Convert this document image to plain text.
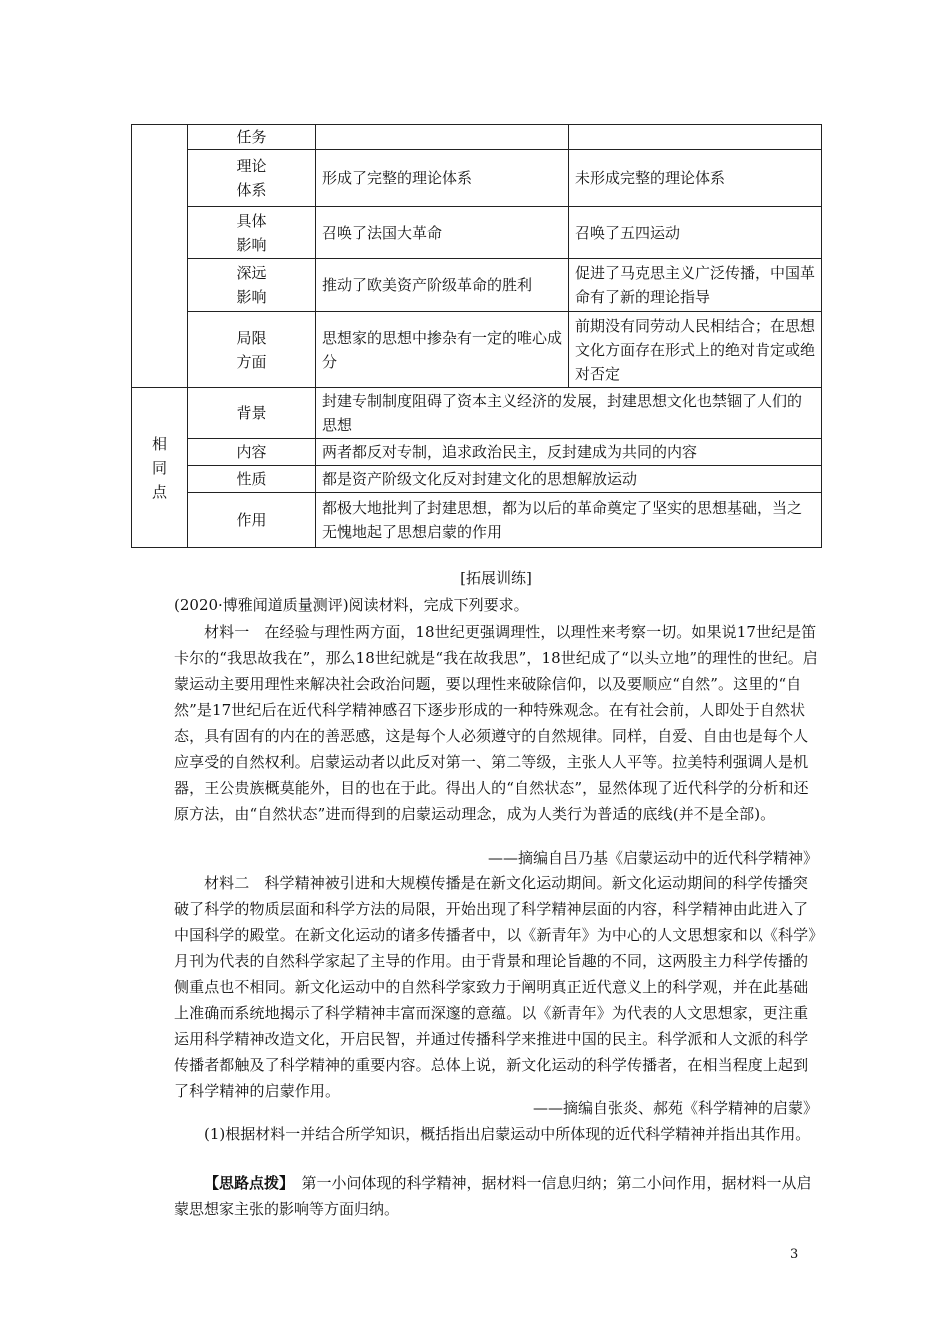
	任务		
	理论体系	形成了完整的理论体系	未形成完整的理论体系
	具体影响	召唤了法国大革命	召唤了五四运动
	深远影响	推动了欧美资产阶级革命的胜利	促进了马克思主义广泛传播，中国革命有了新的理论指导
	局限方面	思想家的思想中掺杂有一定的唯心成分	前期没有同劳动人民相结合；在思想文化方面存在形式上的绝对肯定或绝对否定

相同点	背景	封建专制制度阻碍了资本主义经济的发展，封建思想文化也禁锢了人们的思想	
	内容	两者都反对专制，追求政治民主，反封建成为共同的内容	
	性质	都是资产阶级文化反对封建文化的思想解放运动	
	作用	都极大地批判了封建思想，都为以后的革命奠定了坚实的思想基础，当之无愧地起了思想启蒙的作用	

[拓展训练]

(2020·博雅闻道质量测评)阅读材料，完成下列要求。

材料一　在经验与理性两方面，18世纪更强调理性，以理性来考察一切。如果说17世纪是笛卡尔的“我思故我在”，那么18世纪就是“我在故我思”，18世纪成了“以头立地”的理性的世纪。启蒙运动主要用理性来解决社会政治问题，要以理性来破除信仰，以及要顺应“自然”。这里的“自然”是17世纪后在近代科学精神感召下逐步形成的一种特殊观念。在有社会前，人即处于自然状态，具有固有的内在的善恶感，这是每个人必须遵守的自然规律。同样，自爱、自由也是每个人应享受的自然权利。启蒙运动者以此反对第一、第二等级，主张人人平等。拉美特利强调人是机器，王公贵族概莫能外，目的也在于此。得出人的“自然状态”，显然体现了近代科学的分析和还原方法，由“自然状态”进而得到的启蒙运动理念，成为人类行为普适的底线(并不是全部)。

——摘编自吕乃基《启蒙运动中的近代科学精神》

材料二　科学精神被引进和大规模传播是在新文化运动期间。新文化运动期间的科学传播突破了科学的物质层面和科学方法的局限，开始出现了科学精神层面的内容，科学精神由此进入了中国科学的殿堂。在新文化运动的诸多传播者中，以《新青年》为中心的人文思想家和以《科学》月刊为代表的自然科学家起了主导的作用。由于背景和理论旨趣的不同，这两股主力科学传播的侧重点也不相同。新文化运动中的自然科学家致力于阐明真正近代意义上的科学观，并在此基础上准确而系统地揭示了科学精神丰富而深邃的意蕴。以《新青年》为代表的人文思想家，更注重运用科学精神改造文化，开启民智，并通过传播科学来推进中国的民主。科学派和人文派的科学传播者都触及了科学精神的重要内容。总体上说，新文化运动的科学传播者，在相当程度上起到了科学精神的启蒙作用。

——摘编自张炎、郝苑《科学精神的启蒙》

(1)根据材料一并结合所学知识，概括指出启蒙运动中所体现的近代科学精神并指出其作用。

【思路点拨】　第一小问体现的科学精神，据材料一信息归纳；第二小问作用，据材料一从启蒙思想家主张的影响等方面归纳。

3
